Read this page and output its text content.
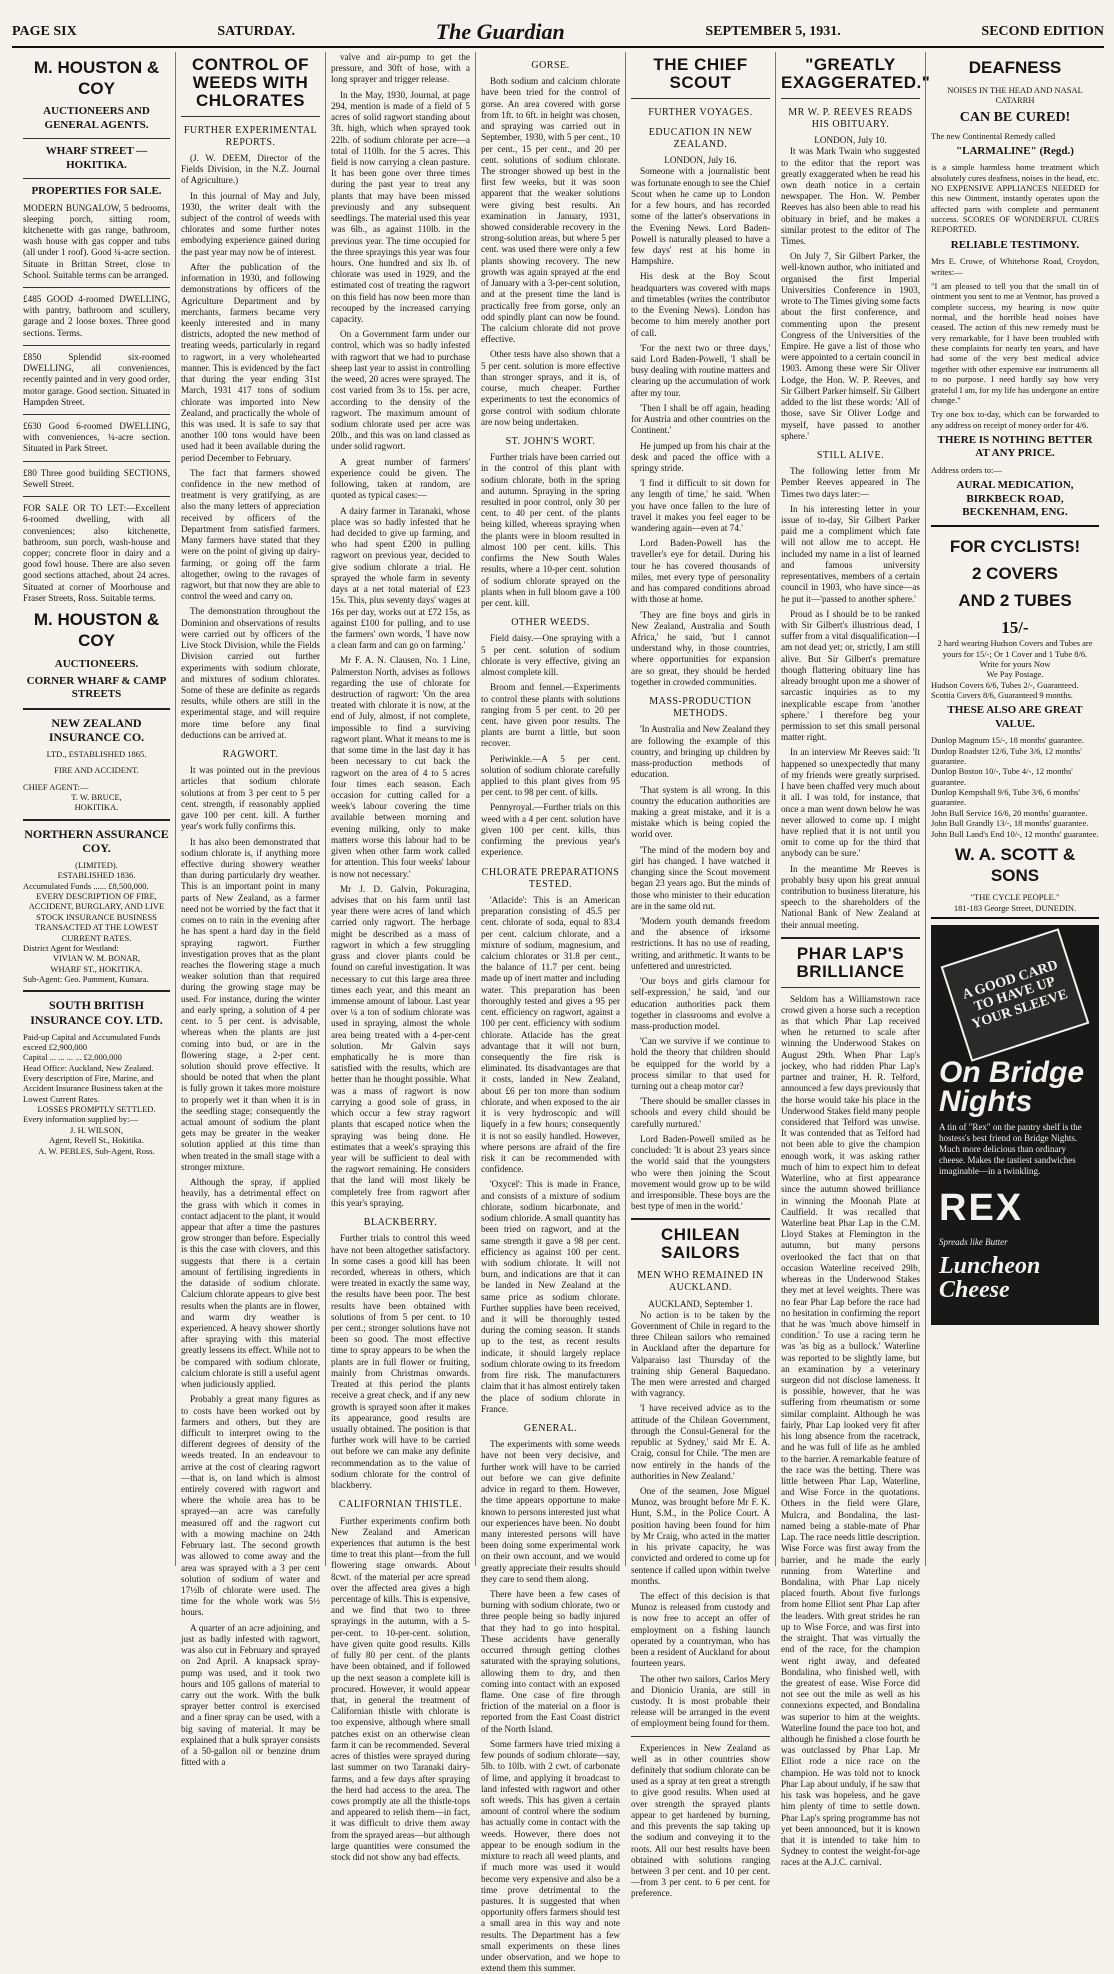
PAGE SIX	SATURDAY.	The Guardian	SEPTEMBER 5, 1931.	SECOND EDITION
M. HOUSTON & COY
AUCTIONEERS AND GENERAL AGENTS.
WHARF STREET — HOKITIKA.
PROPERTIES FOR SALE.

MODERN BUNGALOW, 5 bedrooms, sleeping porch, sitting room, kitchenette with gas range, bathroom, wash house with gas copper and tubs (all under 1 roof). Good ¼-acre section. Situate in Brittan Street, close to School. Suitable terms can be arranged.

£485 GOOD 4-roomed DWELLING, with pantry, bathroom and scullery, garage and 2 loose boxes. Three good sections. Terms.

£850 Splendid six-roomed DWELLING, all conveniences, recently painted and in very good order, motor garage. Good section. Situated in Hampden Street.

£630 Good 6-roomed DWELLING, with conveniences, ¼-acre section. Situated in Park Street.

£80 Three good building SECTIONS, Sewell Street.

FOR SALE OR TO LET:—Excellent 6-roomed dwelling, with all conveniences; also kitchenette, bathroom, sun porch, wash-house and copper; concrete floor in dairy and a good fowl house. There are also seven good sections attached, about 24 acres. Situated at corner of Moorhouse and Fraser Streets, Ross. Suitable terms.

M. HOUSTON & COY
AUCTIONEERS.
CORNER WHARF & CAMP STREETS
NEW ZEALAND INSURANCE CO.
LTD., ESTABLISHED 1865.
FIRE AND ACCIDENT.
CHIEF AGENT:—
T. W. BRUCE,
HOKITIKA.
NORTHERN ASSURANCE COY.
(LIMITED).
ESTABLISHED 1836.
Accumulated Funds ...... £8,500,000.
EVERY DESCRIPTION OF FIRE, ACCIDENT, BURGLARY, AND LIVE STOCK INSURANCE BUSINESS TRANSACTED AT THE LOWEST CURRENT RATES.
District Agent for Westland:
VIVIAN W. M. BONAR,
WHARF ST., HOKITIKA.
Sub-Agent: Geo. Pamment, Kumara.
SOUTH BRITISH INSURANCE COY. LTD.
Paid-up Capital and Accumulated Funds exceed £2,900,000
Capital ... ... ... ... £2,000,000
Head Office: Auckland, New Zealand.
Every description of Fire, Marine, and Accident Insurance Business taken at the Lowest Current Rates.
LOSSES PROMPTLY SETTLED.
Every information supplied by:—
J. H. WILSON,
Agent, Revell St., Hokitika.
A. W. PEBLES, Sub-Agent, Ross.
CONTROL OF WEEDS WITH CHLORATES
FURTHER EXPERIMENTAL REPORTS.

(J. W. DEEM, Director of the Fields Division, in the N.Z. Journal of Agriculture.)

In this journal of May and July, 1930, the writer dealt with the subject of the control of weeds with chlorates and some further notes embodying experience gained during the past year may now be of interest.

After the publication of the information in 1930, and following demonstrations by officers of the Agriculture Department and by merchants, farmers became very keenly interested and in many districts, adopted the new method of treating weeds, particularly in regard to ragwort, in a very wholehearted manner. This is evidenced by the fact that during the year ending 31st March, 1931 417 tons of sodium chlorate was imported into New Zealand, and practically the whole of this was used. It is safe to say that another 100 tons would have been used had it been available during the period December to February.

The fact that farmers showed confidence in the new method of treatment is very gratifying, as are also the many letters of appreciation received by officers of the Department from satisfied farmers. Many farmers have stated that they were on the point of giving up dairy-farming, or going off the farm altogether, owing to the ravages of ragwort, but that now they are able to control the weed and carry on.

The demonstration throughout the Dominion and observations of results were carried out by officers of the Live Stock Division, while the Fields Division carried out further experiments with sodium chlorate, and mixtures of sodium chlorates. Some of these are definite as regards results, while others are still in the experimental stage, and will require more time before any final deductions can be arrived at.

RAGWORT.

It was pointed out in the previous articles that sodium chlorate solutions at from 3 per cent to 5 per cent. strength, if reasonably applied gave 100 per cent. kill. A further year's work fully confirms this.

It has also been demonstrated that sodium chlorate is, if anything more effective during showery weather than during particularly dry weather. This is an important point in many parts of New Zealand, as a farmer need not be worried by the fact that it comes on to rain in the evening after he has spent a hard day in the field spraying ragwort. Further investigation proves that as the plant reaches the flowering stage a much weaker solution than that required during the growing stage may be used. For instance, during the winter and early spring, a solution of 4 per cent. to 5 per cent. is advisable, whereas when the plants are just coming into bud, or are in the flowering stage, a 2-per cent. solution should prove effective. It should be noted that when the plant is fully grown it takes more moisture to properly wet it than when it is in the seedling stage; consequently the actual amount of sodium the plant gets may be greater in the weaker solution applied at this time than when treated in the small stage with a stronger mixture.

Although the spray, if applied heavily, has a detrimental effect on the grass with which it comes in contact adjacent to the plant, it would appear that after a time the pastures grow stronger than before. Especially is this the case with clovers, and this suggests that there is a certain amount of fertilising ingredients in the dataside of sodium chlorate. Calcium chlorate appears to give best results when the plants are in flower, and warm dry weather is experienced. A heavy shower shortly after spraying with this material greatly lessens its effect. While not to be compared with sodium chlorate, calcium chlorate is still a useful agent when judiciously applied.

Probably a great many figures as to costs have been worked out by farmers and others, but they are difficult to interpret owing to the different degrees of density of the weeds treated. In an endeavour to arrive at the cost of clearing ragwort—that is, on land which is almost entirely covered with ragwort and where the whole area has to be sprayed—an acre was carefully measured off and the ragwort cut with a mowing machine on 24th February last. The second growth was allowed to come away and the area was sprayed with a 3 per cent solution of sodium of water and 17½lb of chlorate were used. The time for the whole work was 5½ hours.

A quarter of an acre adjoining, and just as badly infested with ragwort, was also cut in February and sprayed on 2nd April. A knapsack spray-pump was used, and it took two hours and 105 gallons of material to carry out the work. With the bulk sprayer better control is exercised and a finer spray can be used, with a big saving of material. It may be explained that a bulk sprayer consists of a 50-gallon oil or benzine drum fitted with a

valve and air-pump to get the pressure, and 30ft of hose, with a long sprayer and trigger release.

In the May, 1930, Journal, at page 294, mention is made of a field of 5 acres of solid ragwort standing about 3ft. high, which when sprayed took 22lb. of sodium chlorate per acre—a total of 110lb. for the 5 acres. This field is now carrying a clean pasture. It has been gone over three times during the past year to treat any plants that may have been missed previously and any subsequent seedlings. The material used this year was 6lb., as against 110lb. in the previous year. The time occupied for the three sprayings this year was four hours. One hundred and six lb. of chlorate was used in 1929, and the estimated cost of treating the ragwort on this field has now been more than recouped by the increased carrying capacity.

On a Government farm under our control, which was so badly infested with ragwort that we had to purchase sheep last year to assist in controlling the weed, 20 acres were sprayed. The cost varied from 3s to 15s. per acre, according to the density of the ragwort. The maximum amount of sodium chlorate used per acre was 20lb., and this was on land classed as under solid ragwort.

A great number of farmers' experience could be given. The following, taken at random, are quoted as typical cases:—

A dairy farmer in Taranaki, whose place was so badly infested that he had decided to give up farming, and who had spent £200 in pulling ragwort on previous year, decided to give sodium chlorate a trial. He sprayed the whole farm in seventy days at a net total material of £23 15s. This, plus seventy days' wages at 16s per day, works out at £72 15s, as against £100 for pulling, and to use the farmers' own words, 'I have now a clean farm and can go on farming.'

Mr F. A. N. Clausen, No. 1 Line, Palmerston North, advises as follows regarding the use of chlorate for destruction of ragwort: 'On the area treated with chlorate it is now, at the end of July, almost, if not complete, impossible to find a surviving ragwort plant. What it means to me is that some time in the last day it has been necessary to cut back the ragwort on the area of 4 to 5 acres four times each season. Each occasion for cutting called for a week's labour covering the time available between morning and evening milking, only to make matters worse this labour had to be given when other farm work called for attention. This four weeks' labour is now not necessary.'

Mr J. D. Galvin, Pokuragina, advises that on his farm until last year there were acres of land which carried only ragwort. The herbage might be described as a mass of ragwort in which a few struggling grass and clover plants could be found on careful investigation. It was necessary to cut this large area three times each year, and this meant an immense amount of labour. Last year over ¼ a ton of sodium chlorate was used in spraying, almost the whole area being treated with a 4-per-cent solution. Mr Galvin says emphatically he is more than satisfied with the results, which are better than he thought possible. What was a mass of ragwort is now carrying a good sole of grass, in which occur a few stray ragwort plants that escaped notice when the spraying was being done. He estimates that a week's spraying this year will be sufficient to deal with the ragwort remaining. He considers that the land will most likely be completely free from ragwort after this year's spraying.

BLACKBERRY.

Further trials to control this weed have not been altogether satisfactory. In some cases a good kill has been recorded, whereas in others, which were treated in exactly the same way, the results have been poor. The best results have been obtained with solutions of from 5 per cent. to 10 per cent.; stronger solutions have not been so good. The most effective time to spray appears to be when the plants are in full flower or fruiting, mainly from Christmas onwards. Treated at this period the plants receive a great check, and if any new growth is sprayed soon after it makes its appearance, good results are usually obtained. The position is that further work will have to be carried out before we can make any definite recommendation as to the value of sodium chlorate for the control of blackberry.

CALIFORNIAN THISTLE.

Further experiments confirm both New Zealand and American experiences that autumn is the best time to treat this plant—from the full flowering stage onwards. About 8cwt. of the material per acre spread over the affected area gives a high percentage of kills. This is expensive, and we find that two to three sprayings in the autumn, with a 5-per-cent. to 10-per-cent. solution, have given quite good results. Kills of fully 80 per cent. of the plants have been obtained, and if followed up the next season a complete kill is procured. However, it would appear that, in general the treatment of Californian thistle with chlorate is too expensive, although where small patches exist on an otherwise clean farm it can be recommended. Several acres of thistles were sprayed during last summer on two Taranaki dairy-farms, and a few days after spraying the herd had access to the area. The cows promptly ate all the thistle-tops and appeared to relish them—in fact, it was difficult to drive them away from the sprayed areas—but although large quantities were consumed the stock did not show any bad effects.

GORSE.

Both sodium and calcium chlorate have been tried for the control of gorse. An area covered with gorse from 1ft. to 6ft. in height was chosen, and spraying was carried out in September, 1930, with 5 per cent., 10 per cent., 15 per cent., and 20 per cent. solutions of sodium chlorate. The stronger showed up best in the first few weeks, but it was soon apparent that the weaker solutions were giving best results. An examination in January, 1931, showed considerable recovery in the strong-solution areas, but where 5 per cent. was used there were only a few plants showing recovery. The new growth was again sprayed at the end of January with a 3-per-cent solution, and at the present time the land is practically free from gorse, only an odd spindly plant can now be found. The calcium chlorate did not prove effective.

Other tests have also shown that a 5 per cent. solution is more effective than stronger sprays, and it is, of course, much cheaper. Further experiments to test the economics of gorse control with sodium chlorate are now being undertaken.

ST. JOHN'S WORT.

Further trials have been carried out in the control of this plant with sodium chlorate, both in the spring and autumn. Spraying in the spring resulted in poor control, only 30 per cent. to 40 per cent. of the plants being killed, whereas spraying when the plants were in bloom resulted in almost 100 per cent. kills. This confirms the New South Wales results, where a 10-per cent. solution of sodium chlorate sprayed on the plants when in full bloom gave a 100 per cent. kill.

OTHER WEEDS.

Field daisy.—One spraying with a 5 per cent. solution of sodium chlorate is very effective, giving an almost complete kill.

Broom and fennel.—Experiments to control these plants with solutions ranging from 5 per cent. to 20 per cent. have given poor results. The plants are burnt a little, but soon recover.

Periwinkle.—A 5 per cent. solution of sodium chlorate carefully applied to this plant gives from 95 per cent. to 98 per cent. of kills.

Pennyroyal.—Further trials on this weed with a 4 per cent. solution have given 100 per cent. kills, thus confirming the previous year's experience.

CHLORATE PREPARATIONS TESTED.

'Atlacide': This is an American preparation consisting of 45.5 per cent. chlorate of soda, equal to 83.4 per cent. calcium chlorate, and a mixture of sodium, magnesium, and calcium chlorates or 31.8 per cent., the balance of 11.7 per cent. being made up of inert matter and including water. This preparation has been thoroughly tested and gives a 95 per cent. efficiency on ragwort, against a 100 per cent. efficiency with sodium chlorate. Atlacide has the great advantage that it will not burn, consequently the fire risk is eliminated. Its disadvantages are that it costs, landed in New Zealand, about £6 per ton more than sodium chlorate, and when exposed to the air it is very hydroscopic and will liquefy in a few hours; consequently it is not so easily handled. However, where persons are afraid of the fire risk it can be recommended with confidence.

'Oxycel': This is made in France, and consists of a mixture of sodium chlorate, sodium bicarbonate, and sodium chloride. A small quantity has been tried on ragwort, and at the same strength it gave a 98 per cent. efficiency as against 100 per cent. with sodium chlorate. It will not burn, and indications are that it can be landed in New Zealand at the same price as sodium chlorate. Further supplies have been received, and it will be thoroughly tested during the coming season. It stands up to the test, as recent results indicate, it should largely replace sodium chlorate owing to its freedom from fire risk. The manufacturers claim that it has almost entirely taken the place of sodium chlorate in France.

GENERAL.

The experiments with some weeds have not been very decisive, and further work will have to be carried out before we can give definite advice in regard to them. However, the time appears opportune to make known to persons interested just what our experiences have been. No doubt many interested persons will have been doing some experimental work on their own account, and we would greatly appreciate their results should they care to send them along.

There have been a few cases of burning with sodium chlorate, two or three people being so badly injured that they had to go into hospital. These accidents have generally occurred through getting clothes saturated with the spraying solutions, allowing them to dry, and then coming into contact with an exposed flame. One case of fire through friction of the material on a floor is reported from the East Coast district of the North Island.

Some farmers have tried mixing a few pounds of sodium chlorate—say, 5lb. to 10lb. with 2 cwt. of carbonate of lime, and applying it broadcast to land infested with ragwort and other soft weeds. This has given a certain amount of control where the sodium has actually come in contact with the weeds. However, there does not appear to be enough sodium in the mixture to reach all weed plants, and if much more was used it would become very expensive and also be a time prove detrimental to the pastures. It is suggested that when opportunity offers farmers should test a small area in this way and note results. The Department has a few small experiments on these lines under observation, and we hope to extend them this summer.

THE CHIEF SCOUT
FURTHER VOYAGES.
EDUCATION IN NEW ZEALAND.
LONDON, July 16.

Someone with a journalistic bent was fortunate enough to see the Chief Scout when he came up to London for a few hours, and has recorded some of the latter's observations in the Evening News. Lord Baden-Powell is naturally pleased to have a few days' rest at his home in Hampshire.

His desk at the Boy Scout headquarters was covered with maps and timetables (writes the contributor to the Evening News). London has become to him merely another port of call.

'For the next two or three days,' said Lord Baden-Powell, 'I shall be busy dealing with routine matters and clearing up the accumulation of work after my tour.

'Then I shall be off again, heading for Austria and other countries on the Continent.'

He jumped up from his chair at the desk and paced the office with a springy stride.

'I find it difficult to sit down for any length of time,' he said. 'When you have once fallen to the lure of travel it makes you feel eager to be wandering again—even at 74.'

Lord Baden-Powell has the traveller's eye for detail. During his tour he has covered thousands of miles, met every type of personality and has compared conditions abroad with those at home.

'They are fine boys and girls in New Zealand, Australia and South Africa,' he said, 'but I cannot understand why, in those countries, where opportunities for expansion are so great, they should be herded together in crowded communities.

MASS-PRODUCTION METHODS.

'In Australia and New Zealand they are following the example of this country, and bringing up children by mass-production methods of education.

'That system is all wrong. In this country the education authorities are making a great mistake, and it is a mistake which is being copied the world over.

'The mind of the modern boy and girl has changed. I have watched it changing since the Scout movement began 23 years ago. But the minds of those who minister to their education are in the same old rut.

'Modern youth demands freedom and the absence of irksome restrictions. It has no use of reading, writing, and arithmetic. It wants to be unfettered and unrestricted.

'Our boys and girls clamour for self-expression,' he said, 'and our education authorities pack them together in classrooms and evolve a mass-production model.

'Can we survive if we continue to hold the theory that children should be equipped for the world by a process similar to that used for turning out a cheap motor car?

'There should be smaller classes in schools and every child should be carefully nurtured.'

Lord Baden-Powell smiled as he concluded: 'It is about 23 years since the world said that the youngsters who were then joining the Scout movement would grow up to be wild and irresponsible. These boys are the best type of men in the world.'

CHILEAN SAILORS
MEN WHO REMAINED IN AUCKLAND.
AUCKLAND, September 1.

No action is to be taken by the Government of Chile in regard to the three Chilean sailors who remained in Auckland after the departure for Valparaiso last Thursday of the training ship General Baquedano. The men were arrested and charged with vagrancy.

'I have received advice as to the attitude of the Chilean Government, through the Consul-General for the republic at Sydney,' said Mr E. A. Craig, consul for Chile. 'The men are now entirely in the hands of the authorities in New Zealand.'

One of the seamen, Jose Miguel Munoz, was brought before Mr F. K. Hunt, S.M., in the Police Court. A position having been found for him by Mr Craig, who acted in the matter in his private capacity, he was convicted and ordered to come up for sentence if called upon within twelve months.

The effect of this decision is that Munoz is released from custody and is now free to accept an offer of employment on a fishing launch operated by a countryman, who has been a resident of Auckland for about fourteen years.

The other two sailors, Carlos Mery and Dionicio Urania, are still in custody. It is most probable their release will be arranged in the event of employment being found for them.

Experiences in New Zealand as well as in other countries show definitely that sodium chlorate can be used as a spray at ten great a strength to give good results. When used at over strength the sprayed plants appear to get hardened by burning, and this prevents the sap taking up the sodium and conveying it to the roots. All our best results have been obtained with solutions ranging between 3 per cent. and 10 per cent.—from 3 per cent. to 6 per cent. for preference.

"GREATLY EXAGGERATED."
MR W. P. REEVES READS HIS OBITUARY.
LONDON, July 10.

It was Mark Twain who suggested to the editor that the report was greatly exaggerated when he read his own death notice in a certain newspaper. The Hon. W. Pember Reeves has also been able to read his obituary in brief, and he makes a similar protest to the editor of The Times.

On July 7, Sir Gilbert Parker, the well-known author, who initiated and organised the first Imperial Universities Conference in 1903, wrote to The Times giving some facts about the first conference, and commenting upon the present Congress of the Universities of the Empire. He gave a list of those who were appointed to a certain council in 1903. Among these were Sir Oliver Lodge, the Hon. W. P. Reeves, and Sir Gilbert Parker himself. Sir Gilbert added to the list these words: 'All of those, save Sir Oliver Lodge and myself, have passed to another sphere.'

STILL ALIVE.

The following letter from Mr Pember Reeves appeared in The Times two days later:—

In his interesting letter in your issue of to-day, Sir Gilbert Parker paid me a compliment which fate will not allow me to accept. He included my name in a list of learned and famous university representatives, members of a certain council in 1903, who have since—as he put it—'passed to another sphere.'

Proud as I should be to be ranked with Sir Gilbert's illustrious dead, I suffer from a vital disqualification—I am not dead yet; or, strictly, I am still alive. But Sir Gilbert's premature though flattering obituary line has already brought upon me a shower of sarcastic inquiries as to my inexplicable escape from 'another sphere.' I therefore beg your permission to set this small personal matter right.

In an interview Mr Reeves said: 'It happened so unexpectedly that many of my friends were greatly surprised. I have been chaffed very much about it all. I was told, for instance, that once a man went down below he was never allowed to come up. I might have replied that it is not until you omit to come up for the third that anybody can be sure.'

In the meantime Mr Reeves is probably busy upon his great annual contribution to business literature, his speech to the shareholders of the National Bank of New Zealand at their annual meeting.

PHAR LAP'S BRILLIANCE

Seldom has a Williamstown race crowd given a horse such a reception as that which Phar Lap received when he returned to scale after winning the Underwood Stakes on August 29th. When Phar Lap's jockey, who had ridden Phar Lap's partner and trainer, H. R. Telford, announced a few days previously that the horse would take his place in the Underwood Stakes field many people considered that Telford was unwise. It was contended that as Telford had not been able to give the champion enough work, it was asking rather much of him to expect him to defeat Waterline, who at first appearance since the autumn showed brilliance in winning the Moonah Plate at Caulfield. It was recalled that Waterline beat Phar Lap in the C.M. Lloyd Stakes at Flemington in the autumn, but many persons overlooked the fact that on that occasion Waterline received 29lb, whereas in the Underwood Stakes they met at level weights. There was no fear Phar Lap before the race had no hesitation in confirming the report that he was 'much above himself in condition.' To use a racing term he was 'as big as a bullock.' Waterline was reported to be slightly lame, but an examination by a veterinary surgeon did not disclose lameness. It is possible, however, that he was suffering from rheumatism or some similar complaint. Although he was fairly, Phar Lap looked very fit after his long absence from the racetrack, and he was full of life as he ambled to the barrier. A remarkable feature of the race was the betting. There was little between Phar Lap, Waterline, and Wise Force in the quotations. Others in the field were Glare, Mulcra, and Bondalina, the last-named being a stable-mate of Phar Lap. The race needs little description. Wise Force was first away from the barrier, and he made the early running from Waterline and Bondalina, with Phar Lap nicely placed fourth. About five furlongs from home Elliot sent Phar Lap after the leaders. With great strides he ran up to Wise Force, and was first into the straight. That was virtually the end of the race, for the champion went right away, and defeated Bondalina, who finished well, with the greatest of ease. Wise Force did not see out the mile as well as his connexions expected, and Bondalina was superior to him at the weights. Waterline found the pace too hot, and although he finished a close fourth he was outclassed by Phar Lap. Mr Elliot rode a nice race on the champion. He was told not to knock Phar Lap about unduly, if he saw that his task was hopeless, and he gave him plenty of time to settle down. Phar Lap's spring programme has not yet been announced, but it is known that it is intended to take him to Sydney to contest the weight-for-age races at the A.J.C. carnival.

DEAFNESS
NOISES IN THE HEAD AND NASAL CATARRH
CAN BE CURED!
The new Continental Remedy called
"LARMALINE" (Regd.)

is a simple harmless home treatment which absolutely cures deafness, noises in the head, etc. NO EXPENSIVE APPLIANCES NEEDED for this new Ointment, instantly operates upon the affected parts with complete and permanent success. SCORES OF WONDERFUL CURES REPORTED.

RELIABLE TESTIMONY.

Mrs E. Crowe, of Whitehorse Road, Croydon, writes:—

"I am pleased to tell you that the small tin of ointment you sent to me at Ventnor, has proved a complete success, my hearing is now quite normal, and the horrible head noises have ceased. The action of this new remedy must be very remarkable, for I have been troubled with these complaints for nearly ten years, and have had some of the very best medical advice together with other expensive ear instruments all to no purpose. I need hardly say how very grateful I am, for my life has undergone an entire change."

Try one box to-day, which can be forwarded to any address on receipt of money order for 4/6.

THERE IS NOTHING BETTER AT ANY PRICE.
Address orders to:—
AURAL MEDICATION, BIRKBECK ROAD, BECKENHAM, ENG.
FOR CYCLISTS!
2 COVERS
AND 2 TUBES
15/-
2 hard wearing Hudson Covers and Tubes are yours for 15/-; Or 1 Cover and 1 Tube 8/6.
Write for yours Now
We Pay Postage.
Hudson Covers 6/6, Tubes 2/-, Guaranteed.
Scottia Covers 8/6, Guaranteed 9 months.
THESE ALSO ARE GREAT VALUE.
Dunlop Magnum 15/-, 18 months' guarantee.
Dunlop Roadster 12/6, Tube 3/6, 12 months' guarantee.
Dunlop Boston 10/-, Tube 4/-, 12 months' guarantee.
Dunlop Kempshall 9/6, Tube 3/6, 6 months' guarantee.
John Bull Service 16/6, 20 months' guarantee.
John Bull Grandly 13/-, 18 months' guarantee.
John Bull Land's End 10/-, 12 months' guarantee.
W. A. SCOTT & SONS
"THE CYCLE PEOPLE."
181-183 George Street, DUNEDIN.
A GOOD CARD TO HAVE UP YOUR SLEEVE
On Bridge Nights
A tin of "Rex" on the pantry shelf is the hostess's best friend on Bridge Nights. Much more delicious than ordinary cheese. Makes the tastiest sandwiches imaginable—in a twinkling.
REX
Spreads like Butter
Luncheon Cheese
